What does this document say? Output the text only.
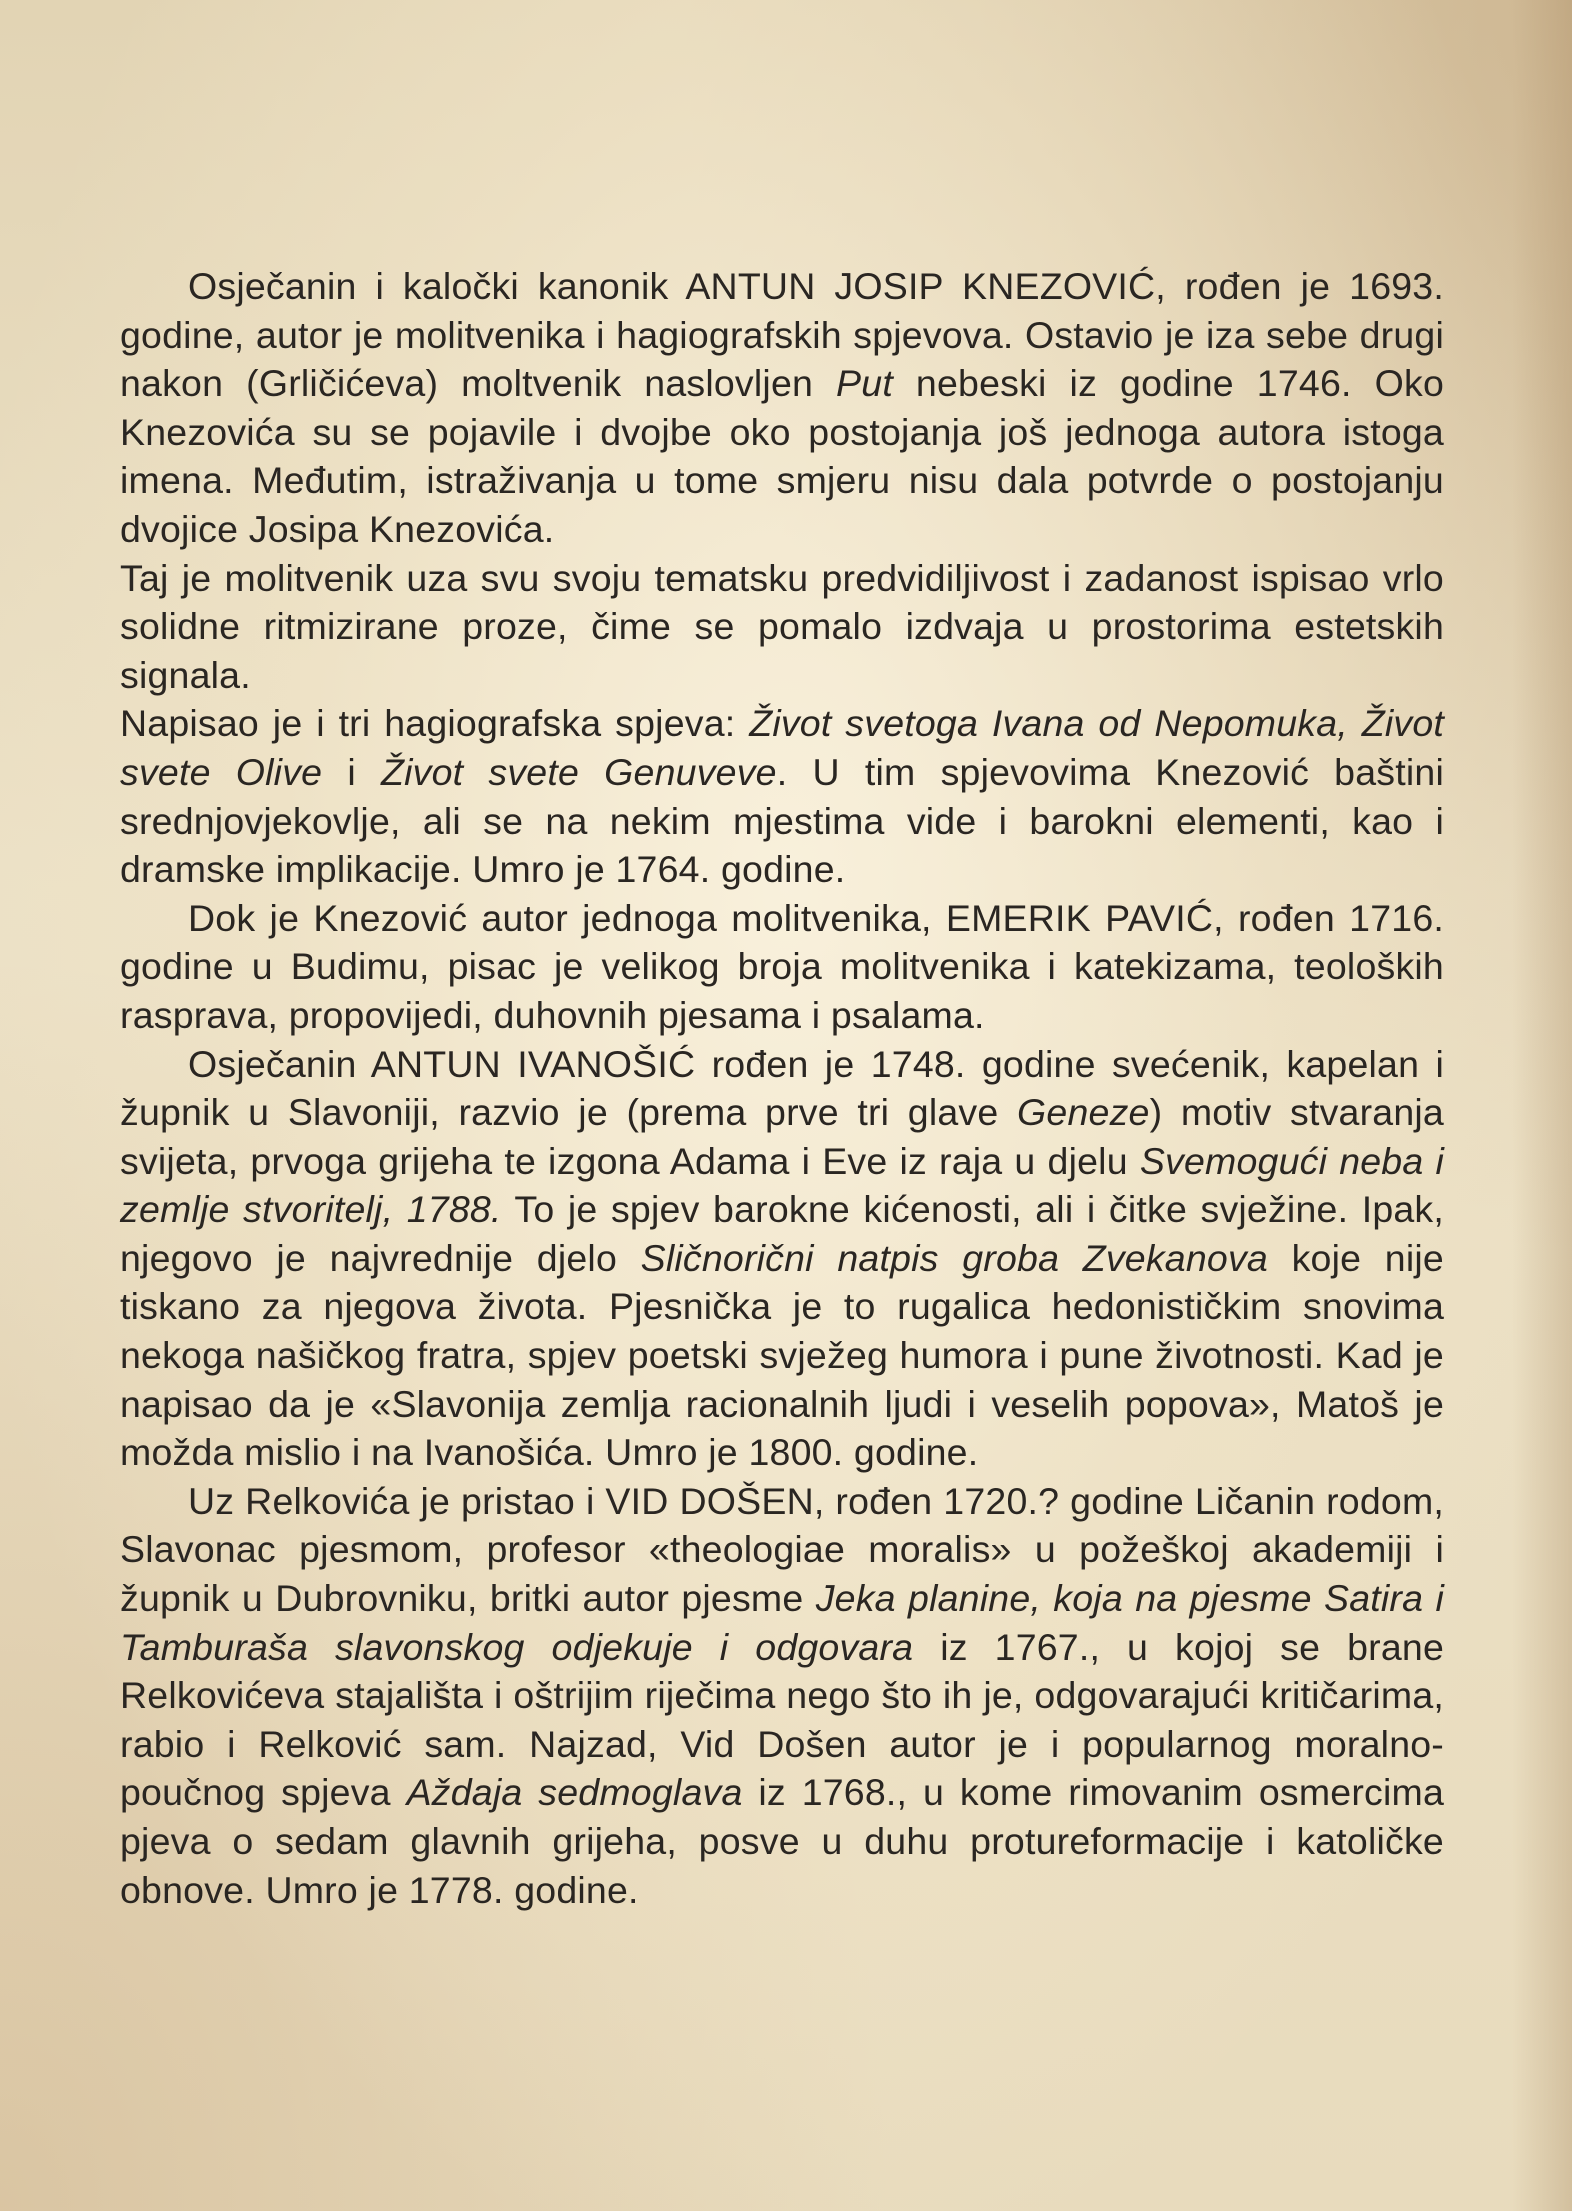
Osječanin i kaločki kanonik ANTUN JOSIP KNEZOVIĆ, rođen je 1693. godine, autor je molitvenika i hagiografskih spjevova. Ostavio je iza sebe drugi nakon (Grličićeva) moltvenik naslovljen Put nebeski iz godine 1746. Oko Knezovića su se pojavile i dvojbe oko postojanja još jednoga autora istoga imena. Međutim, istraživanja u tome smjeru nisu dala potvrde o postojanju dvojice Josipa Knezovića.

Taj je molitvenik uza svu svoju tematsku predvidiljivost i zadanost ispisao vrlo solidne ritmizirane proze, čime se pomalo izdvaja u prostorima estetskih signala.

Napisao je i tri hagiografska spjeva: Život svetoga Ivana od Nepomuka, Život svete Olive i Život svete Genuveve. U tim spjevovima Knezović baštini srednjovjekovlje, ali se na nekim mjestima vide i barokni elementi, kao i dramske implikacije. Umro je 1764. godine.

Dok je Knezović autor jednoga molitvenika, EMERIK PAVIĆ, rođen 1716. godine u Budimu, pisac je velikog broja molitvenika i katekizama, teoloških rasprava, propovijedi, duhovnih pjesama i psalama.

Osječanin ANTUN IVANOŠIĆ rođen je 1748. godine svećenik, kapelan i župnik u Slavoniji, razvio je (prema prve tri glave Geneze) motiv stvaranja svijeta, prvoga grijeha te izgona Adama i Eve iz raja u djelu Svemogući neba i zemlje stvoritelj, 1788. To je spjev barokne kićenosti, ali i čitke svježine. Ipak, njegovo je najvrednije djelo Sličnorični natpis groba Zvekanova koje nije tiskano za njegova života. Pjesnička je to rugalica hedonističkim snovima nekoga našičkog fratra, spjev poetski svježeg humora i pune životnosti. Kad je napisao da je «Slavonija zemlja racionalnih ljudi i veselih popova», Matoš je možda mislio i na Ivanošića. Umro je 1800. godine.

Uz Relkovića je pristao i VID DOŠEN, rođen 1720.? godine Ličanin rodom, Slavonac pjesmom, profesor «theologiae moralis» u požeškoj akademiji i župnik u Dubrovniku, britki autor pjesme Jeka planine, koja na pjesme Satira i Tamburaša slavonskog odjekuje i odgovara iz 1767., u kojoj se brane Relkovićeva stajališta i oštrijim riječima nego što ih je, odgovarajući kritičarima, rabio i Relković sam. Najzad, Vid Došen autor je i popularnog moralno-poučnog spjeva Aždaja sedmoglava iz 1768., u kome rimovanim osmercima pjeva o sedam glavnih grijeha, posve u duhu protureformacije i katoličke obnove. Umro je 1778. godine.
